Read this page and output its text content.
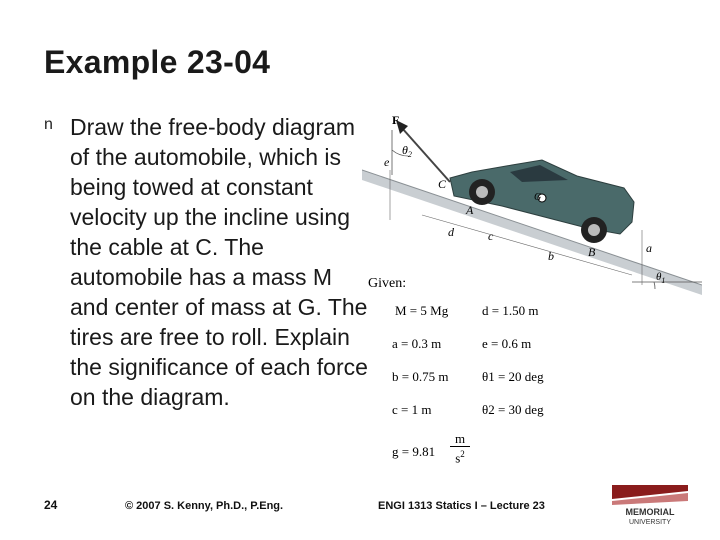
Example 23-04
n Draw the free-body diagram of the automobile, which is being towed at constant velocity up the incline using the cable at C. The automobile has a mass M and center of mass at G. The tires are free to roll. Explain the significance of each force on the diagram.
F
$\theta_2$
e
C
G
A
d	c
b	B	a
$\theta_1$
Given:
M = 5 Mg	d = 1.50 m
a = 0.3 m	e = 0.6 m
b = 0.75 m	θ1 = 20 deg
c = 1 m	θ2 = 30 deg
$g = 9.81 \frac{m}{s^2}$
24	© 2007 S. Kenny, Ph.D., P.Eng.	ENGI 1313 Statics I – Lecture 23	MEMORIAL
UNIVERSITY
